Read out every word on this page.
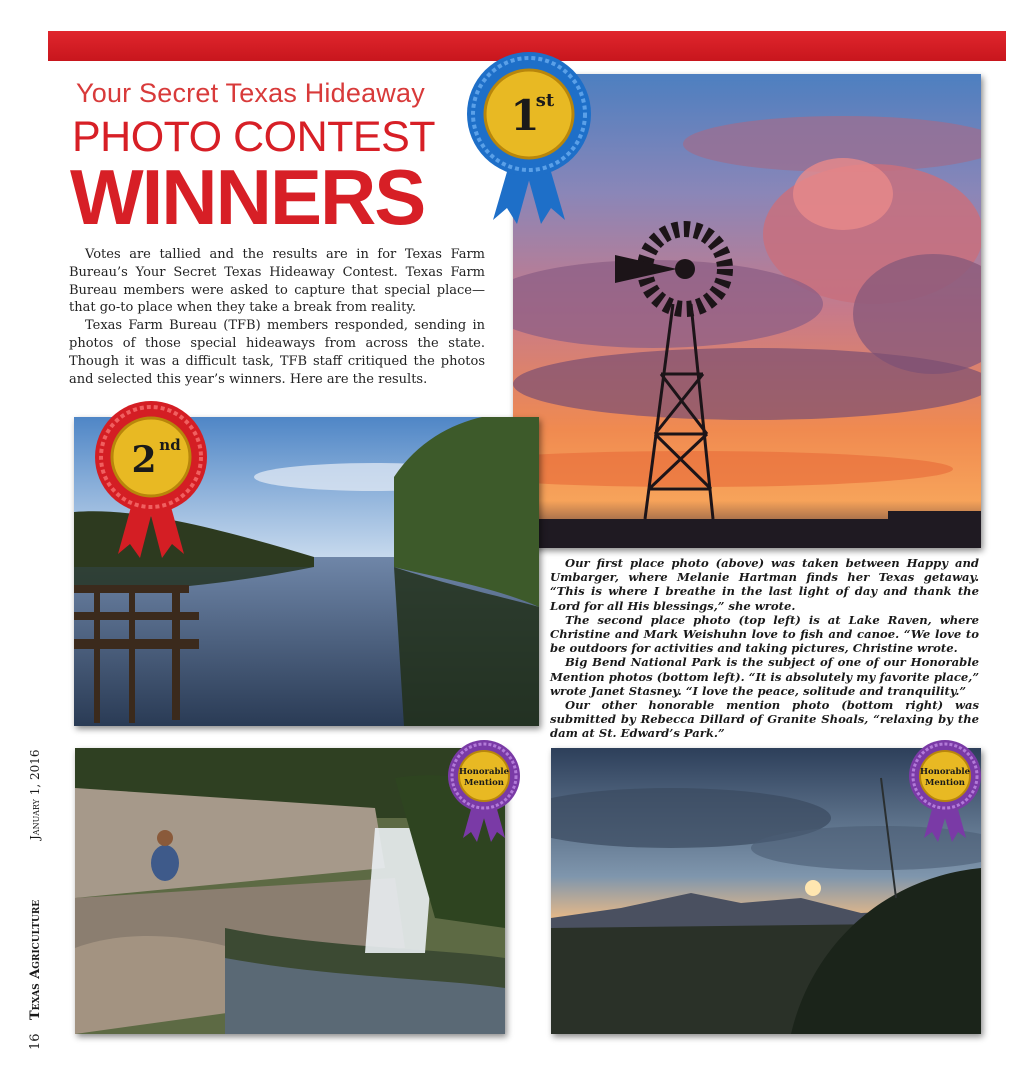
Your Secret Texas Hideaway
PHOTO CONTEST
WINNERS

Votes are tallied and the results are in for Texas Farm Bureau’s Your Secret Texas Hideaway Contest. Texas Farm Bureau members were asked to capture that special place—that go-to place when they take a break from reality.

Texas Farm Bureau (TFB) members responded, sending in photos of those special hideaways from across the state. Though it was a difficult task, TFB staff critiqued the photos and selected this year’s winners. Here are the results.

1
st
2 nd
Honorable
Mention
Honorable
Mention

Our first place photo (above) was taken between Happy and Umbarger, where Melanie Hartman finds her Texas getaway. “This is where I breathe in the last light of day and thank the Lord for all His blessings,” she wrote.

The second place photo (top left) is at Lake Raven, where Christine and Mark Weishuhn love to fish and canoe. “We love to be outdoors for activities and taking pictures, Christine wrote.

Big Bend National Park is the subject of one of our Honorable Mention photos (bottom left). “It is absolutely my favorite place,” wrote Janet Stasney. “I love the peace, solitude and tranquility.”

Our other honorable mention photo (bottom right) was submitted by Rebecca Dillard of Granite Shoals, “relaxing by the dam at St. Edward’s Park.”

16
Texas Agriculture
January 1, 2016
